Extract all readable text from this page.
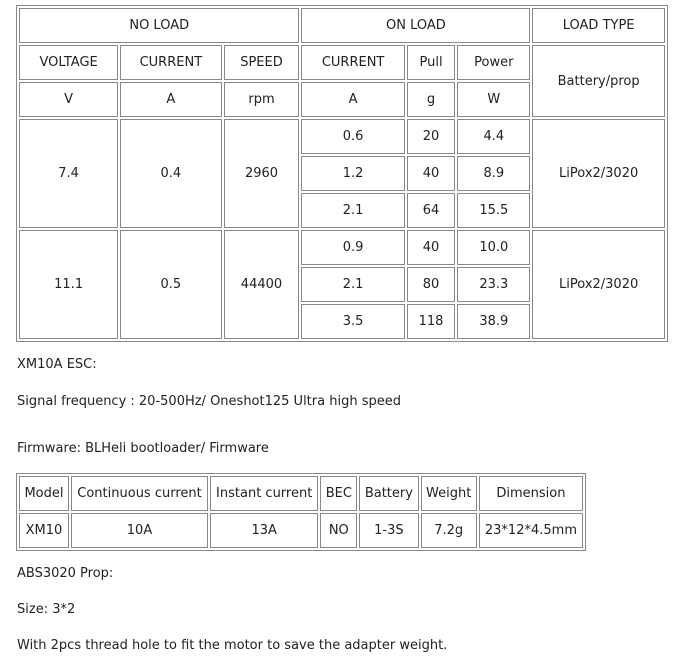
NO LOAD			ON LOAD			LOAD TYPE
VOLTAGE	CURRENT	SPEED	CURRENT	Pull	Power	Battery/prop
V	A	rpm	A	g	W	
7.4	0.4	2960	0.6	20	4.4	LiPox2/3020
			1.2	40	8.9	
			2.1	64	15.5	
11.1	0.5	44400	0.9	40	10.0	LiPox2/3020
			2.1	80	23.3	
			3.5	118	38.9	

XM10A ESC:

Signal frequency : 20-500Hz/ Oneshot125 Ultra high speed

Firmware: BLHeli bootloader/ Firmware

Model	Continuous current	Instant current	BEC	Battery	Weight	Dimension
XM10	10A	13A	NO	1-3S	7.2g	23*12*4.5mm

ABS3020 Prop:

Size: 3*2

With 2pcs thread hole to fit the motor to save the adapter weight.
